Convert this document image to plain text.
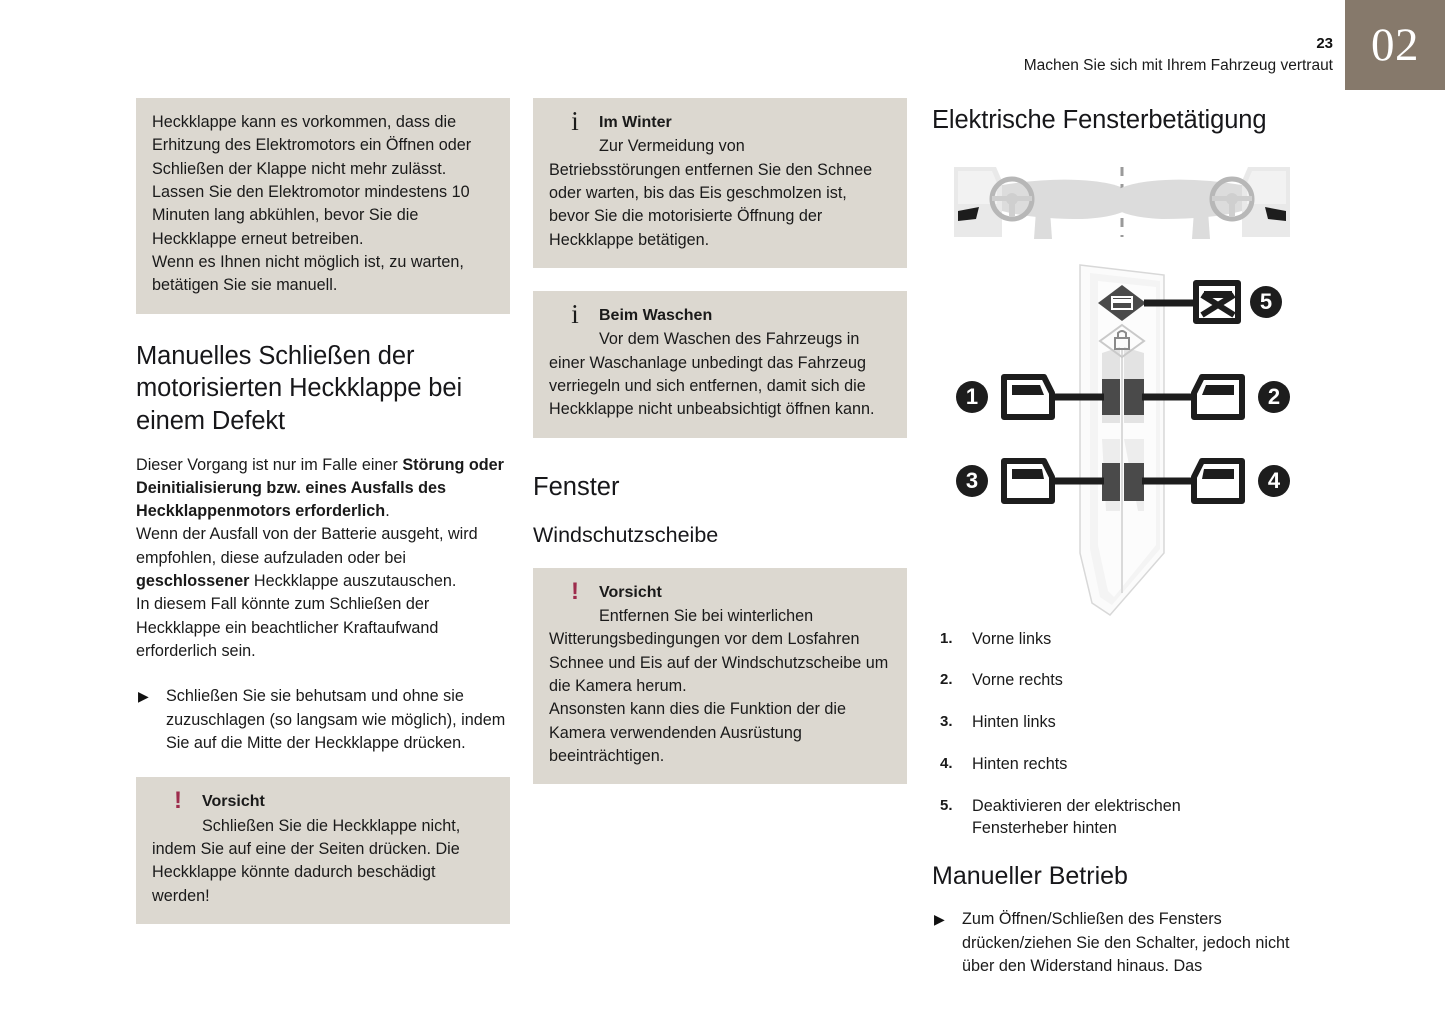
23
Machen Sie sich mit Ihrem Fahrzeug vertraut 02
Heckklappe kann es vorkommen, dass die Erhitzung des Elektromotors ein Öffnen oder Schließen der Klappe nicht mehr zulässt.
Lassen Sie den Elektromotor mindestens 10 Minuten lang abkühlen, bevor Sie die Heckklappe erneut betreiben.
Wenn es Ihnen nicht möglich ist, zu warten, betätigen Sie sie manuell.
Manuelles Schließen der motorisierten Heckklappe bei einem Defekt
Dieser Vorgang ist nur im Falle einer Störung oder Deinitialisierung bzw. eines Ausfalls des Heckklappenmotors erforderlich.
Wenn der Ausfall von der Batterie ausgeht, wird empfohlen, diese aufzuladen oder bei geschlossener Heckklappe auszutauschen.
In diesem Fall könnte zum Schließen der Heckklappe ein beachtlicher Kraftaufwand erforderlich sein.
▶ Schließen Sie sie behutsam und ohne sie zuzuschlagen (so langsam wie möglich), indem Sie auf die Mitte der Heckklappe drücken.
!	Vorsicht
Schließen Sie die Heckklappe nicht,
indem Sie auf eine der Seiten drücken. Die Heckklappe könnte dadurch beschädigt werden!
i	Im Winter
Zur Vermeidung von
Betriebsstörungen entfernen Sie den Schnee oder warten, bis das Eis geschmolzen ist, bevor Sie die motorisierte Öffnung der Heckklappe betätigen.
i	Beim Waschen
Vor dem Waschen des Fahrzeugs in
einer Waschanlage unbedingt das Fahrzeug verriegeln und sich entfernen, damit sich die Heckklappe nicht unbeabsichtigt öffnen kann.
Fenster
Windschutzscheibe
!	Vorsicht
Entfernen Sie bei winterlichen
Witterungsbedingungen vor dem Losfahren Schnee und Eis auf der Windschutzscheibe um die Kamera herum.
Ansonsten kann dies die Funktion der die Kamera verwendenden Ausrüstung beeinträchtigen.
Elektrische Fensterbetätigung
5
1	2
3	4
1. Vorne links
2. Vorne rechts
3. Hinten links
4. Hinten rechts
5. Deaktivieren der elektrischen Fensterheber hinten
Manueller Betrieb
▶ Zum Öffnen/Schließen des Fensters drücken/ziehen Sie den Schalter, jedoch nicht über den Widerstand hinaus. Das
